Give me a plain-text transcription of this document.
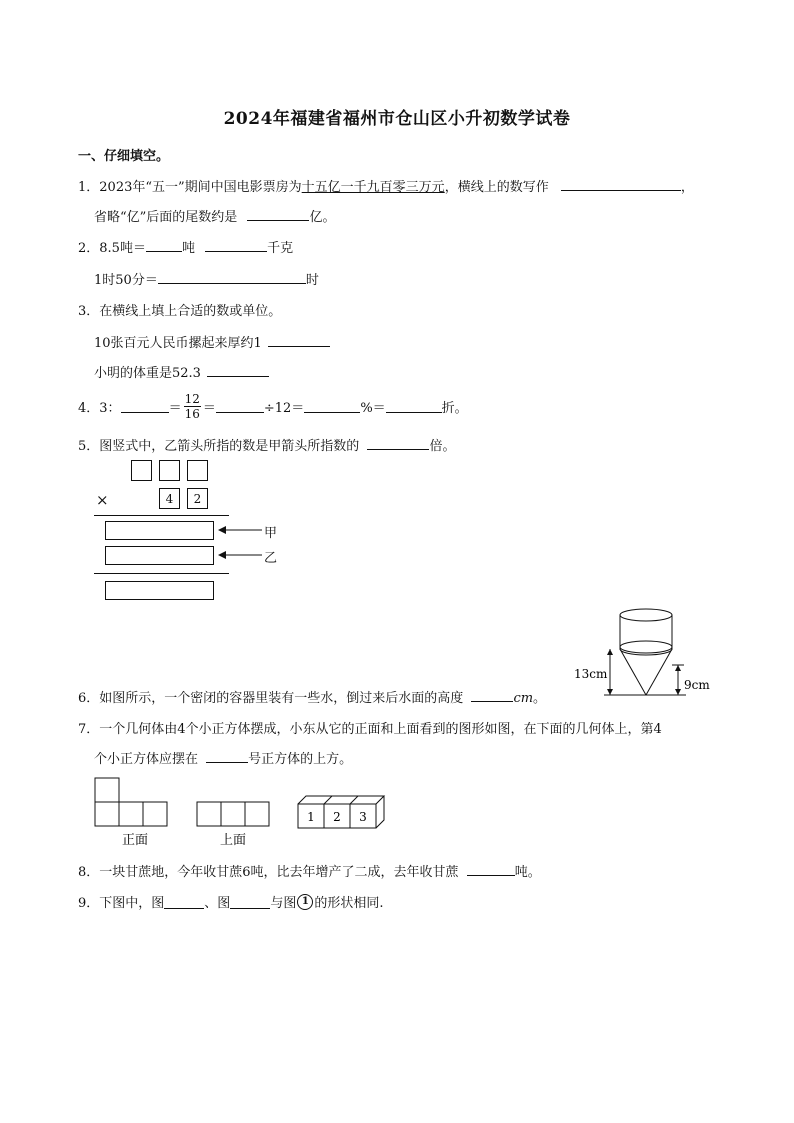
2024年福建省福州市仓山区小升初数学试卷
一、仔细填空。
1．2023年“五一”期间中国电影票房为十五亿一千九百零三万元，横线上的数写作	，
省略“亿”后面的尾数约是	亿。
2．8.5吨＝	吨	千克
1时50分＝	时
3．在横线上填上合适的数或单位。
10张百元人民币摞起来厚约1
小明的体重是52.3
4． 3：	＝ $\frac{12}{16}$ ＝	÷12＝	%＝	折。
5．图竖式中，乙箭头所指的数是甲箭头所指数的	倍。
×	4	2
甲
乙
13cm
9cm
6．如图所示，一个密闭的容器里装有一些水，倒过来后水面的高度	cm。
7．一个几何体由4个小正方体摆成，小东从它的正面和上面看到的图形如图，在下面的几何体上，第4
个小正方体应摆在	号正方体的上方。
1 2 3
正面	上面
8．一块甘蔗地，今年收甘蔗6吨，比去年增产了二成，去年收甘蔗	吨。
9． 下图中，图	、图	与图 1 的形状相同.
